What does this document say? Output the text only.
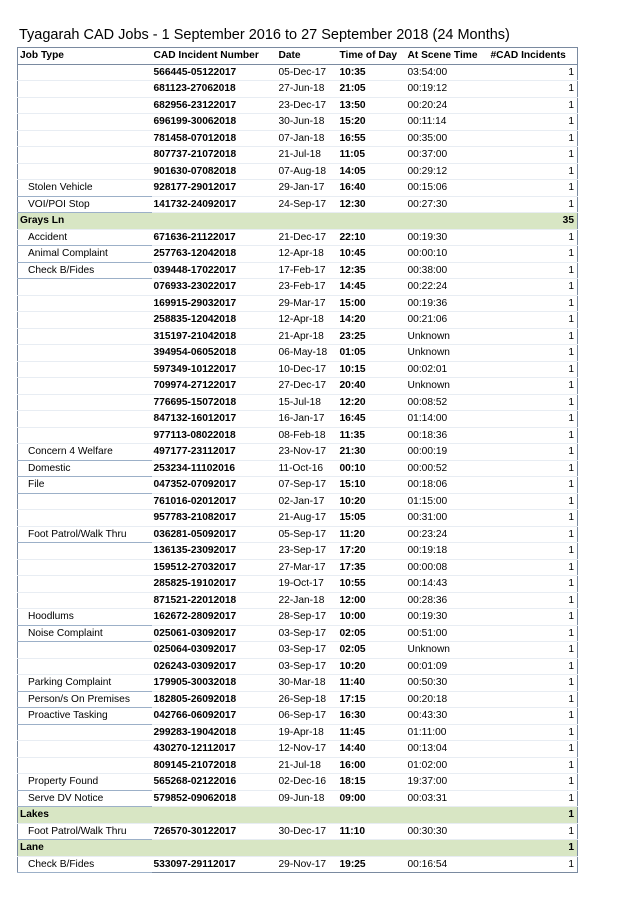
Tyagarah CAD Jobs - 1 September 2016 to 27 September 2018 (24 Months)
Job Type	CAD Incident Number	Date	Time of Day	At Scene Time	#CAD Incidents
	566445-05122017	05-Dec-17	10:35	03:54:00	1
	681123-27062018	27-Jun-18	21:05	00:19:12	1
	682956-23122017	23-Dec-17	13:50	00:20:24	1
	696199-30062018	30-Jun-18	15:20	00:11:14	1
	781458-07012018	07-Jan-18	16:55	00:35:00	1
	807737-21072018	21-Jul-18	11:05	00:37:00	1
	901630-07082018	07-Aug-18	14:05	00:29:12	1
Stolen Vehicle	928177-29012017	29-Jan-17	16:40	00:15:06	1
VOI/POI Stop	141732-24092017	24-Sep-17	12:30	00:27:30	1
Grays Ln					35
Accident	671636-21122017	21-Dec-17	22:10	00:19:30	1
Animal Complaint	257763-12042018	12-Apr-18	10:45	00:00:10	1
Check B/Fides	039448-17022017	17-Feb-17	12:35	00:38:00	1
	076933-23022017	23-Feb-17	14:45	00:22:24	1
	169915-29032017	29-Mar-17	15:00	00:19:36	1
	258835-12042018	12-Apr-18	14:20	00:21:06	1
	315197-21042018	21-Apr-18	23:25	Unknown	1
	394954-06052018	06-May-18	01:05	Unknown	1
	597349-10122017	10-Dec-17	10:15	00:02:01	1
	709974-27122017	27-Dec-17	20:40	Unknown	1
	776695-15072018	15-Jul-18	12:20	00:08:52	1
	847132-16012017	16-Jan-17	16:45	01:14:00	1
	977113-08022018	08-Feb-18	11:35	00:18:36	1
Concern 4 Welfare	497177-23112017	23-Nov-17	21:30	00:00:19	1
Domestic	253234-11102016	11-Oct-16	00:10	00:00:52	1
File	047352-07092017	07-Sep-17	15:10	00:18:06	1
	761016-02012017	02-Jan-17	10:20	01:15:00	1
	957783-21082017	21-Aug-17	15:05	00:31:00	1
Foot Patrol/Walk Thru	036281-05092017	05-Sep-17	11:20	00:23:24	1
	136135-23092017	23-Sep-17	17:20	00:19:18	1
	159512-27032017	27-Mar-17	17:35	00:00:08	1
	285825-19102017	19-Oct-17	10:55	00:14:43	1
	871521-22012018	22-Jan-18	12:00	00:28:36	1
Hoodlums	162672-28092017	28-Sep-17	10:00	00:19:30	1
Noise Complaint	025061-03092017	03-Sep-17	02:05	00:51:00	1
	025064-03092017	03-Sep-17	02:05	Unknown	1
	026243-03092017	03-Sep-17	10:20	00:01:09	1
Parking Complaint	179905-30032018	30-Mar-18	11:40	00:50:30	1
Person/s On Premises	182805-26092018	26-Sep-18	17:15	00:20:18	1
Proactive Tasking	042766-06092017	06-Sep-17	16:30	00:43:30	1
	299283-19042018	19-Apr-18	11:45	01:11:00	1
	430270-12112017	12-Nov-17	14:40	00:13:04	1
	809145-21072018	21-Jul-18	16:00	01:02:00	1
Property Found	565268-02122016	02-Dec-16	18:15	19:37:00	1
Serve DV Notice	579852-09062018	09-Jun-18	09:00	00:03:31	1
Lakes					1
Foot Patrol/Walk Thru	726570-30122017	30-Dec-17	11:10	00:30:30	1
Lane					1
Check B/Fides	533097-29112017	29-Nov-17	19:25	00:16:54	1
